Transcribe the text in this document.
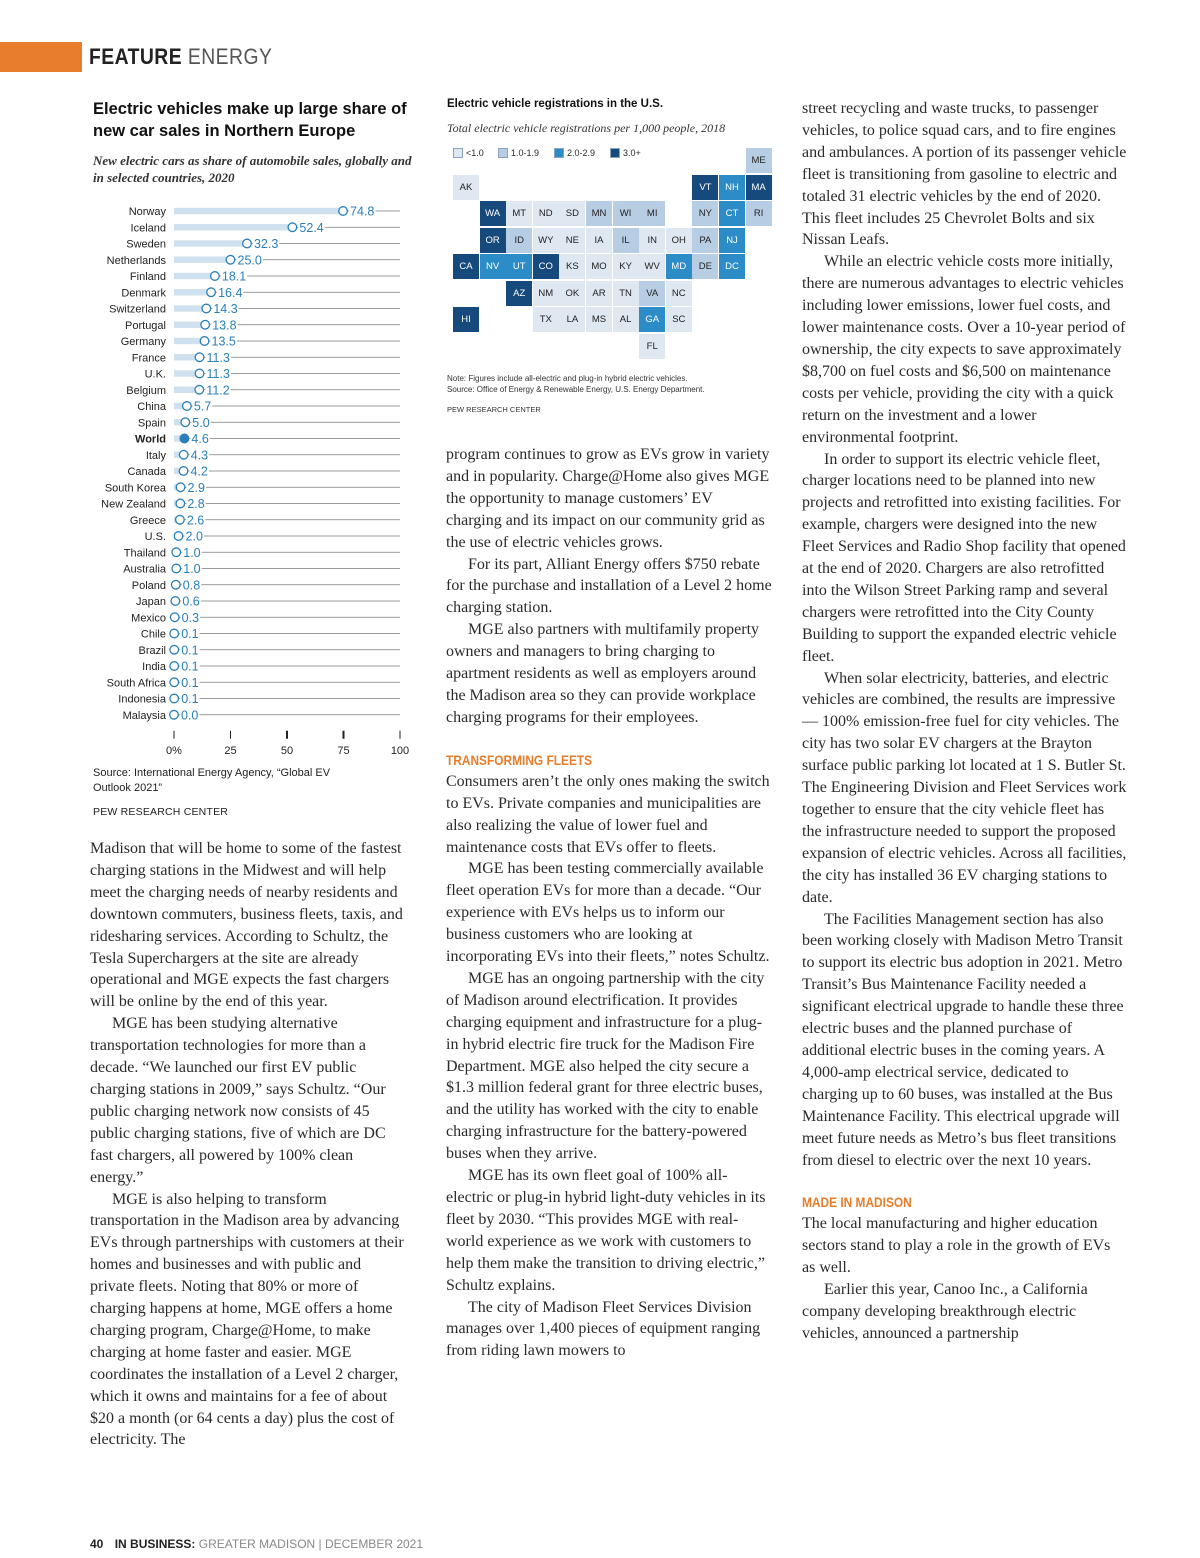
FEATURE ENERGY
Electric vehicles make up large share of new car sales in Northern Europe
New electric cars as share of automobile sales, globally and in selected countries, 2020
Norway	74.8
Iceland	52.4
Sweden	32.3
Netherlands	25.0
Finland	18.1
Denmark	16.4
Switzerland	14.3
Portugal	13.8
Germany	13.5
France	11.3
U.K.	11.3
Belgium	11.2
China 5.7
Spain 5.0
World 4.6
Italy 4.3
Canada 4.2
South Korea 2.9
New Zealand 2.8
Greece 2.6
U.S. 2.0
Thailand 1.0
Australia 1.0
Poland 0.8
Japan 0.6
Mexico 0.3
Chile 0.1
Brazil 0.1
India 0.1
South Africa 0.1
Indonesia 0.1
Malaysia 0.0
0%	25	50	75	100
Source: International Energy Agency, “Global EV Outlook 2021”
PEW RESEARCH CENTER
Electric vehicle registrations in the U.S.
Total electric vehicle registrations per 1,000 people, 2018
<1.0	1.0-1.9	2.0-2.9	3.0+
ME
AK	VT	NH	MA
WA	MT	ND	SD	MN	WI	MI	NY	CT	RI
OR	ID	WY	NE	IA	IL	IN	OH	PA	NJ
CA	NV	UT	CO	KS	MO	KY	WV	MD	DE	DC
AZ	NM	OK	AR	TN	VA	NC
HI	TX	LA	MS	AL	GA	SC
FL
Note: Figures include all-electric and plug-in hybrid electric vehicles.
Source: Office of Energy & Renewable Energy, U.S. Energy Department.
PEW RESEARCH CENTER

Madison that will be home to some of the fastest charging stations in the Midwest and will help meet the charging needs of nearby residents and downtown commuters, business fleets, taxis, and ridesharing services. According to Schultz, the Tesla Superchargers at the site are already operational and MGE expects the fast chargers will be online by the end of this year.

MGE has been studying alternative transportation technologies for more than a decade. “We launched our first EV public charging stations in 2009,” says Schultz. “Our public charging network now consists of 45 public charging stations, five of which are DC fast chargers, all powered by 100% clean energy.”

MGE is also helping to transform transportation in the Madison area by advancing EVs through partnerships with customers at their homes and businesses and with public and private fleets. Noting that 80% or more of charging happens at home, MGE offers a home charging program, Charge@Home, to make charging at home faster and easier. MGE coordinates the installation of a Level 2 charger, which it owns and maintains for a fee of about $20 a month (or 64 cents a day) plus the cost of electricity. The

program continues to grow as EVs grow in variety and in popularity. Charge@Home also gives MGE the opportunity to manage customers’ EV charging and its impact on our community grid as the use of electric vehicles grows.

For its part, Alliant Energy offers $750 rebate for the purchase and installation of a Level 2 home charging station.

MGE also partners with multifamily property owners and managers to bring charging to apartment residents as well as employers around the Madison area so they can provide workplace charging programs for their employees.

TRANSFORMING FLEETS

Consumers aren’t the only ones making the switch to EVs. Private companies and municipalities are also realizing the value of lower fuel and maintenance costs that EVs offer to fleets.

MGE has been testing commercially available fleet operation EVs for more than a decade. “Our experience with EVs helps us to inform our business customers who are looking at incorporating EVs into their fleets,” notes Schultz.

MGE has an ongoing partnership with the city of Madison around electrification. It provides charging equipment and infrastructure for a plug-in hybrid electric fire truck for the Madison Fire Department. MGE also helped the city secure a $1.3 million federal grant for three electric buses, and the utility has worked with the city to enable charging infrastructure for the battery-powered buses when they arrive.

MGE has its own fleet goal of 100% all-electric or plug-in hybrid light-duty vehicles in its fleet by 2030. “This provides MGE with real-world experience as we work with customers to help them make the transition to driving electric,” Schultz explains.

The city of Madison Fleet Services Division manages over 1,400 pieces of equipment ranging from riding lawn mowers to

street recycling and waste trucks, to passenger vehicles, to police squad cars, and to fire engines and ambulances. A portion of its passenger vehicle fleet is transitioning from gasoline to electric and totaled 31 electric vehicles by the end of 2020. This fleet includes 25 Chevrolet Bolts and six Nissan Leafs.

While an electric vehicle costs more initially, there are numerous advantages to electric vehicles including lower emissions, lower fuel costs, and lower maintenance costs. Over a 10-year period of ownership, the city expects to save approximately $8,700 on fuel costs and $6,500 on maintenance costs per vehicle, providing the city with a quick return on the investment and a lower environmental footprint.

In order to support its electric vehicle fleet, charger locations need to be planned into new projects and retrofitted into existing facilities. For example, chargers were designed into the new Fleet Services and Radio Shop facility that opened at the end of 2020. Chargers are also retrofitted into the Wilson Street Parking ramp and several chargers were retrofitted into the City County Building to support the expanded electric vehicle fleet.

When solar electricity, batteries, and electric vehicles are combined, the results are impressive — 100% emission-free fuel for city vehicles. The city has two solar EV chargers at the Brayton surface public parking lot located at 1 S. Butler St. The Engineering Division and Fleet Services work together to ensure that the city vehicle fleet has the infrastructure needed to support the proposed expansion of electric vehicles. Across all facilities, the city has installed 36 EV charging stations to date.

The Facilities Management section has also been working closely with Madison Metro Transit to support its electric bus adoption in 2021. Metro Transit’s Bus Maintenance Facility needed a significant electrical upgrade to handle these three electric buses and the planned purchase of additional electric buses in the coming years. A 4,000-amp electrical service, dedicated to charging up to 60 buses, was installed at the Bus Maintenance Facility. This electrical upgrade will meet future needs as Metro’s bus fleet transitions from diesel to electric over the next 10 years.

MADE IN MADISON

The local manufacturing and higher education sectors stand to play a role in the growth of EVs as well.

Earlier this year, Canoo Inc., a California company developing breakthrough electric vehicles, announced a partnership

40 IN BUSINESS: GREATER MADISON | DECEMBER 2021
